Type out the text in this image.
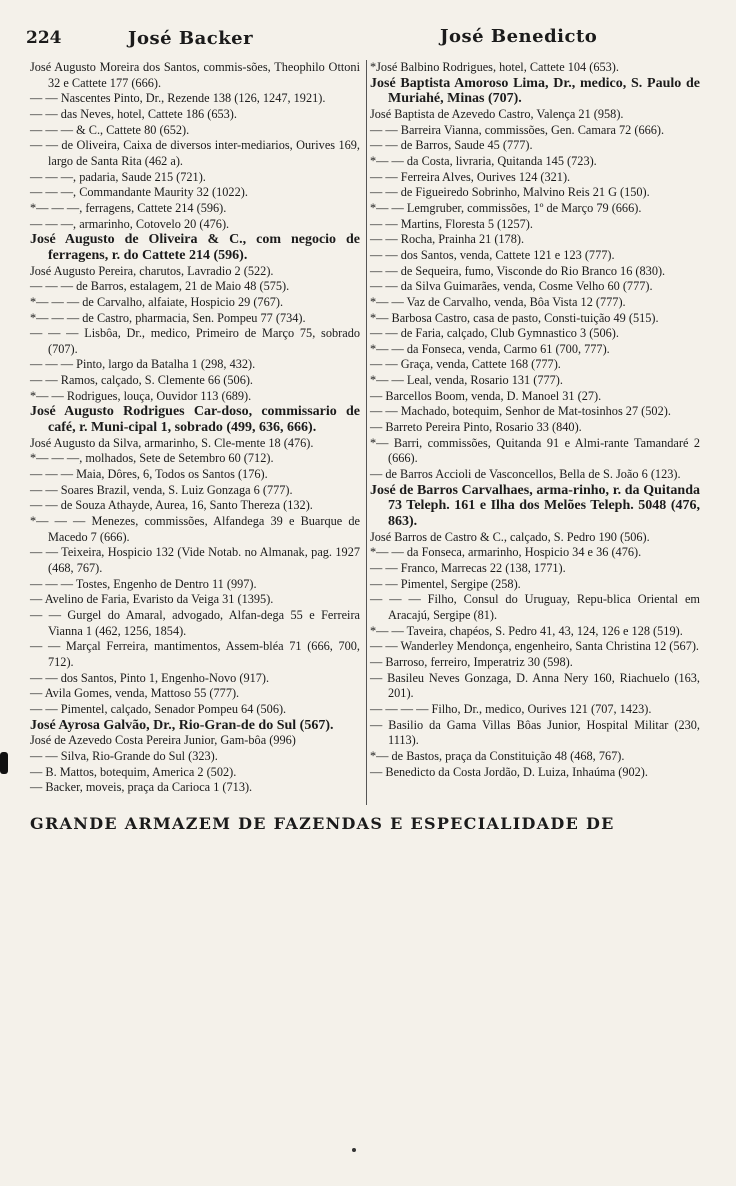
224	José Backer	José Benedicto

José Augusto Moreira dos Santos, commis-sões, Theophilo Ottoni 32 e Cattete 177 (666).

— — Nascentes Pinto, Dr., Rezende 138 (126, 1247, 1921).

— — das Neves, hotel, Cattete 186 (653).

— — — & C., Cattete 80 (652).

— — de Oliveira, Caixa de diversos inter-mediarios, Ourives 169, largo de Santa Rita (462 a).

— — —, padaria, Saude 215 (721).

— — —, Commandante Maurity 32 (1022).

*— — —, ferragens, Cattete 214 (596).

— — —, armarinho, Cotovelo 20 (476).

José Augusto de Oliveira & C., com negocio de ferragens, r. do Cattete 214 (596).

José Augusto Pereira, charutos, Lavradio 2 (522).

— — — de Barros, estalagem, 21 de Maio 48 (575).

*— — — de Carvalho, alfaiate, Hospicio 29 (767).

*— — — de Castro, pharmacia, Sen. Pompeu 77 (734).

— — — Lisbôa, Dr., medico, Primeiro de Março 75, sobrado (707).

— — — Pinto, largo da Batalha 1 (298, 432).

— — Ramos, calçado, S. Clemente 66 (506).

*— — Rodrigues, louça, Ouvidor 113 (689).

José Augusto Rodrigues Car-doso, commissario de café, r. Muni-cipal 1, sobrado (499, 636, 666).

José Augusto da Silva, armarinho, S. Cle-mente 18 (476).

*— — —, molhados, Sete de Setembro 60 (712).

— — — Maia, Dôres, 6, Todos os Santos (176).

— — Soares Brazil, venda, S. Luiz Gonzaga 6 (777).

— — de Souza Athayde, Aurea, 16, Santo Thereza (132).

*— — — Menezes, commissões, Alfandega 39 e Buarque de Macedo 7 (666).

— — Teixeira, Hospicio 132 (Vide Notab. no Almanak, pag. 1927 (468, 767).

— — — Tostes, Engenho de Dentro 11 (997).

— Avelino de Faria, Evaristo da Veiga 31 (1395).

— — Gurgel do Amaral, advogado, Alfan-dega 55 e Ferreira Vianna 1 (462, 1256, 1854).

— — Marçal Ferreira, mantimentos, Assem-bléa 71 (666, 700, 712).

— — dos Santos, Pinto 1, Engenho-Novo (917).

— Avila Gomes, venda, Mattoso 55 (777).

— — Pimentel, calçado, Senador Pompeu 64 (506).

José Ayrosa Galvão, Dr., Rio-Gran-de do Sul (567).

José de Azevedo Costa Pereira Junior, Gam-bôa (996)

— — Silva, Rio-Grande do Sul (323).

— B. Mattos, botequim, America 2 (502).

— Backer, moveis, praça da Carioca 1 (713).

*José Balbino Rodrigues, hotel, Cattete 104 (653).

José Baptista Amoroso Lima, Dr., medico, S. Paulo de Muriahé, Minas (707).

José Baptista de Azevedo Castro, Valença 21 (958).

— — Barreira Vianna, commissões, Gen. Camara 72 (666).

— — de Barros, Saude 45 (777).

*— — da Costa, livraria, Quitanda 145 (723).

— — Ferreira Alves, Ourives 124 (321).

— — de Figueiredo Sobrinho, Malvino Reis 21 G (150).

*— — Lemgruber, commissões, 1º de Março 79 (666).

— — Martins, Floresta 5 (1257).

— — Rocha, Prainha 21 (178).

— — dos Santos, venda, Cattete 121 e 123 (777).

— — de Sequeira, fumo, Visconde do Rio Branco 16 (830).

— — da Silva Guimarães, venda, Cosme Velho 60 (777).

*— — Vaz de Carvalho, venda, Bôa Vista 12 (777).

*— Barbosa Castro, casa de pasto, Consti-tuição 49 (515).

— — de Faria, calçado, Club Gymnastico 3 (506).

*— — da Fonseca, venda, Carmo 61 (700, 777).

— — Graça, venda, Cattete 168 (777).

*— — Leal, venda, Rosario 131 (777).

— Barcellos Boom, venda, D. Manoel 31 (27).

— — Machado, botequim, Senhor de Mat-tosinhos 27 (502).

— Barreto Pereira Pinto, Rosario 33 (840).

*— Barri, commissões, Quitanda 91 e Almi-rante Tamandaré 2 (666).

— de Barros Accioli de Vasconcellos, Bella de S. João 6 (123).

José de Barros Carvalhaes, arma-rinho, r. da Quitanda 73 Teleph. 161 e Ilha dos Melões Teleph. 5048 (476, 863).

José Barros de Castro & C., calçado, S. Pedro 190 (506).

*— — da Fonseca, armarinho, Hospicio 34 e 36 (476).

— — Franco, Marrecas 22 (138, 1771).

— — Pimentel, Sergipe (258).

— — — Filho, Consul do Uruguay, Repu-blica Oriental em Aracajú, Sergipe (81).

*— — Taveira, chapéos, S. Pedro 41, 43, 124, 126 e 128 (519).

— — Wanderley Mendonça, engenheiro, Santa Christina 12 (567).

— Barroso, ferreiro, Imperatriz 30 (598).

— Basileu Neves Gonzaga, D. Anna Nery 160, Riachuelo (163, 201).

— — — — Filho, Dr., medico, Ourives 121 (707, 1423).

— Basilio da Gama Villas Bôas Junior, Hospital Militar (230, 1113).

*— de Bastos, praça da Constituição 48 (468, 767).

— Benedicto da Costa Jordão, D. Luiza, Inhaúma (902).

GRANDE ARMAZEM DE FAZENDAS E ESPECIALIDADE DE
